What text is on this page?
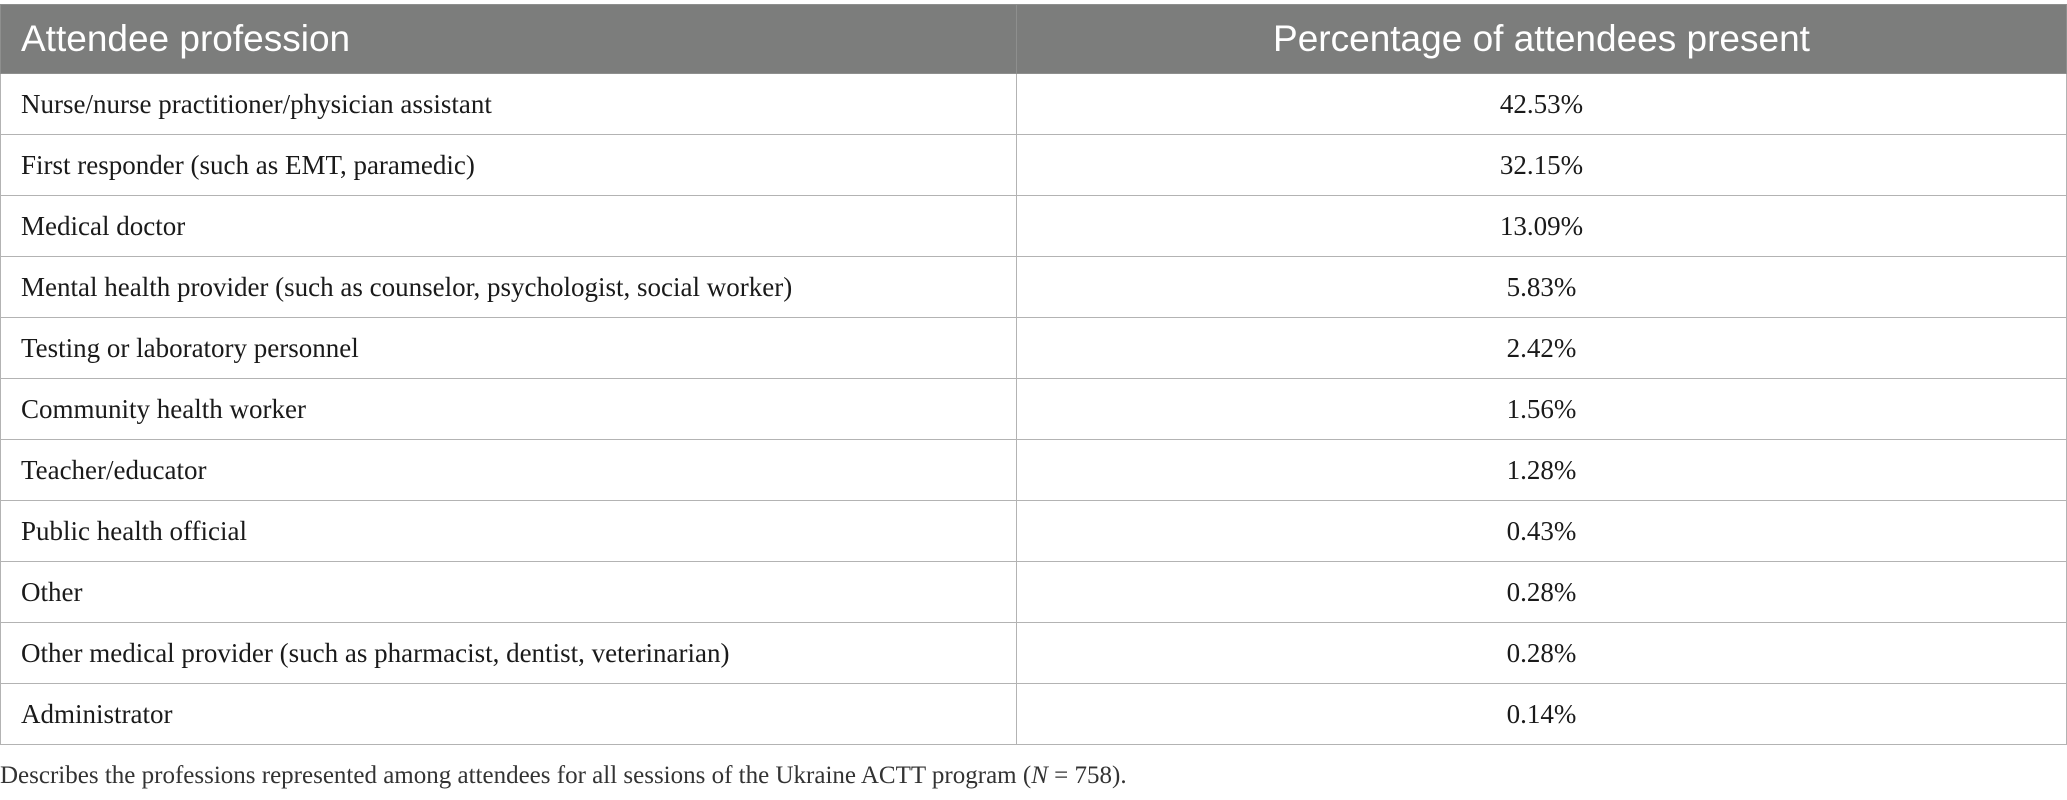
Attendee profession	Percentage of attendees present
Nurse/nurse practitioner/physician assistant	42.53%
First responder (such as EMT, paramedic)	32.15%
Medical doctor	13.09%
Mental health provider (such as counselor, psychologist, social worker)	5.83%
Testing or laboratory personnel	2.42%
Community health worker	1.56%
Teacher/educator	1.28%
Public health official	0.43%
Other	0.28%
Other medical provider (such as pharmacist, dentist, veterinarian)	0.28%
Administrator	0.14%
Describes the professions represented among attendees for all sessions of the Ukraine ACTT program (N = 758).
